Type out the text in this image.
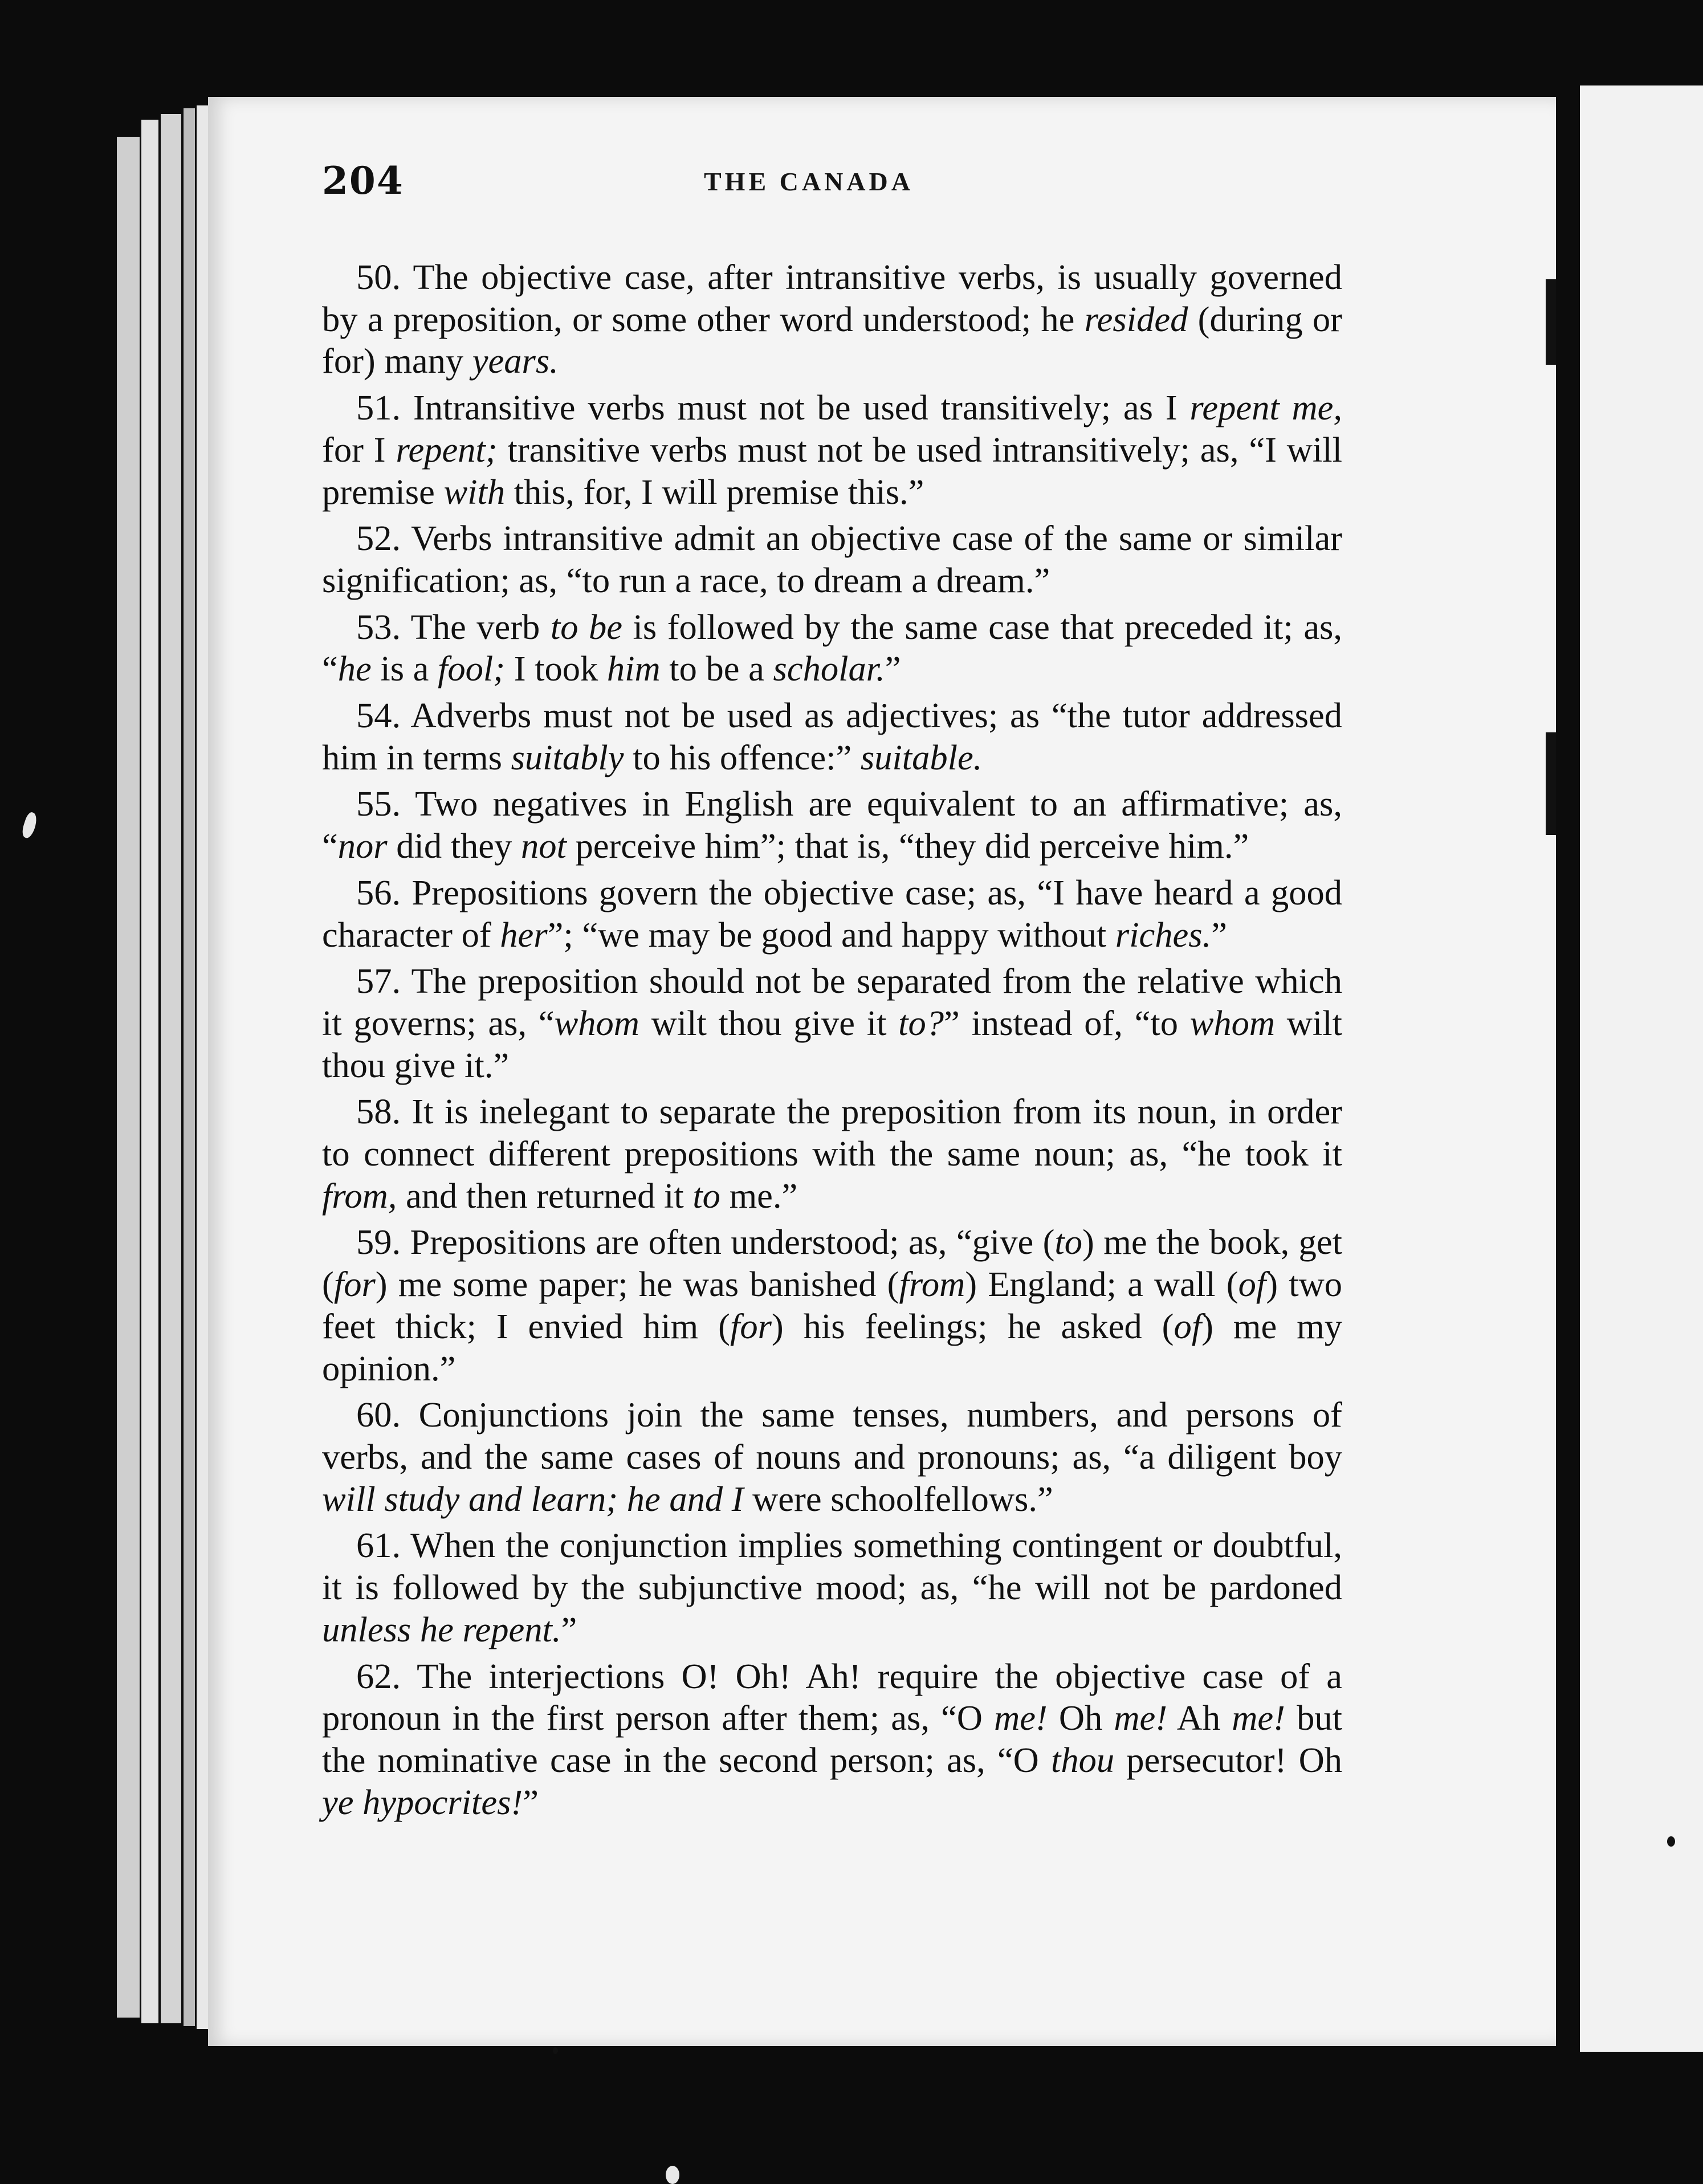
204	THE CANADA

50. The objective case, after intransitive verbs, is usually governed by a preposition, or some other word understood; he resided (during or for) many years.

51. Intransitive verbs must not be used transitively; as I repent me, for I repent; transitive verbs must not be used intransitively; as, “I will premise with this, for, I will premise this.”

52. Verbs intransitive admit an objective case of the same or similar signification; as, “to run a race, to dream a dream.”

53. The verb to be is followed by the same case that preceded it; as, “he is a fool; I took him to be a scholar.”

54. Adverbs must not be used as adjectives; as “the tutor addressed him in terms suitably to his offence:” suitable.

55. Two negatives in English are equivalent to an affirmative; as, “nor did they not perceive him”; that is, “they did perceive him.”

56. Prepositions govern the objective case; as, “I have heard a good character of her”; “we may be good and happy without riches.”

57. The preposition should not be separated from the relative which it governs; as, “whom wilt thou give it to?” instead of, “to whom wilt thou give it.”

58. It is inelegant to separate the preposition from its noun, in order to connect different prepositions with the same noun; as, “he took it from, and then returned it to me.”

59. Prepositions are often understood; as, “give (to) me the book, get (for) me some paper; he was banished (from) England; a wall (of) two feet thick; I envied him (for) his feelings; he asked (of) me my opinion.”

60. Conjunctions join the same tenses, numbers, and persons of verbs, and the same cases of nouns and pronouns; as, “a diligent boy will study and learn; he and I were schoolfellows.”

61. When the conjunction implies something contingent or doubtful, it is followed by the subjunctive mood; as, “he will not be pardoned unless he repent.”

62. The interjections O! Oh! Ah! require the objective case of a pronoun in the first person after them; as, “O me! Oh me! Ah me! but the nominative case in the second person; as, “O thou persecutor! Oh ye hypocrites!”
